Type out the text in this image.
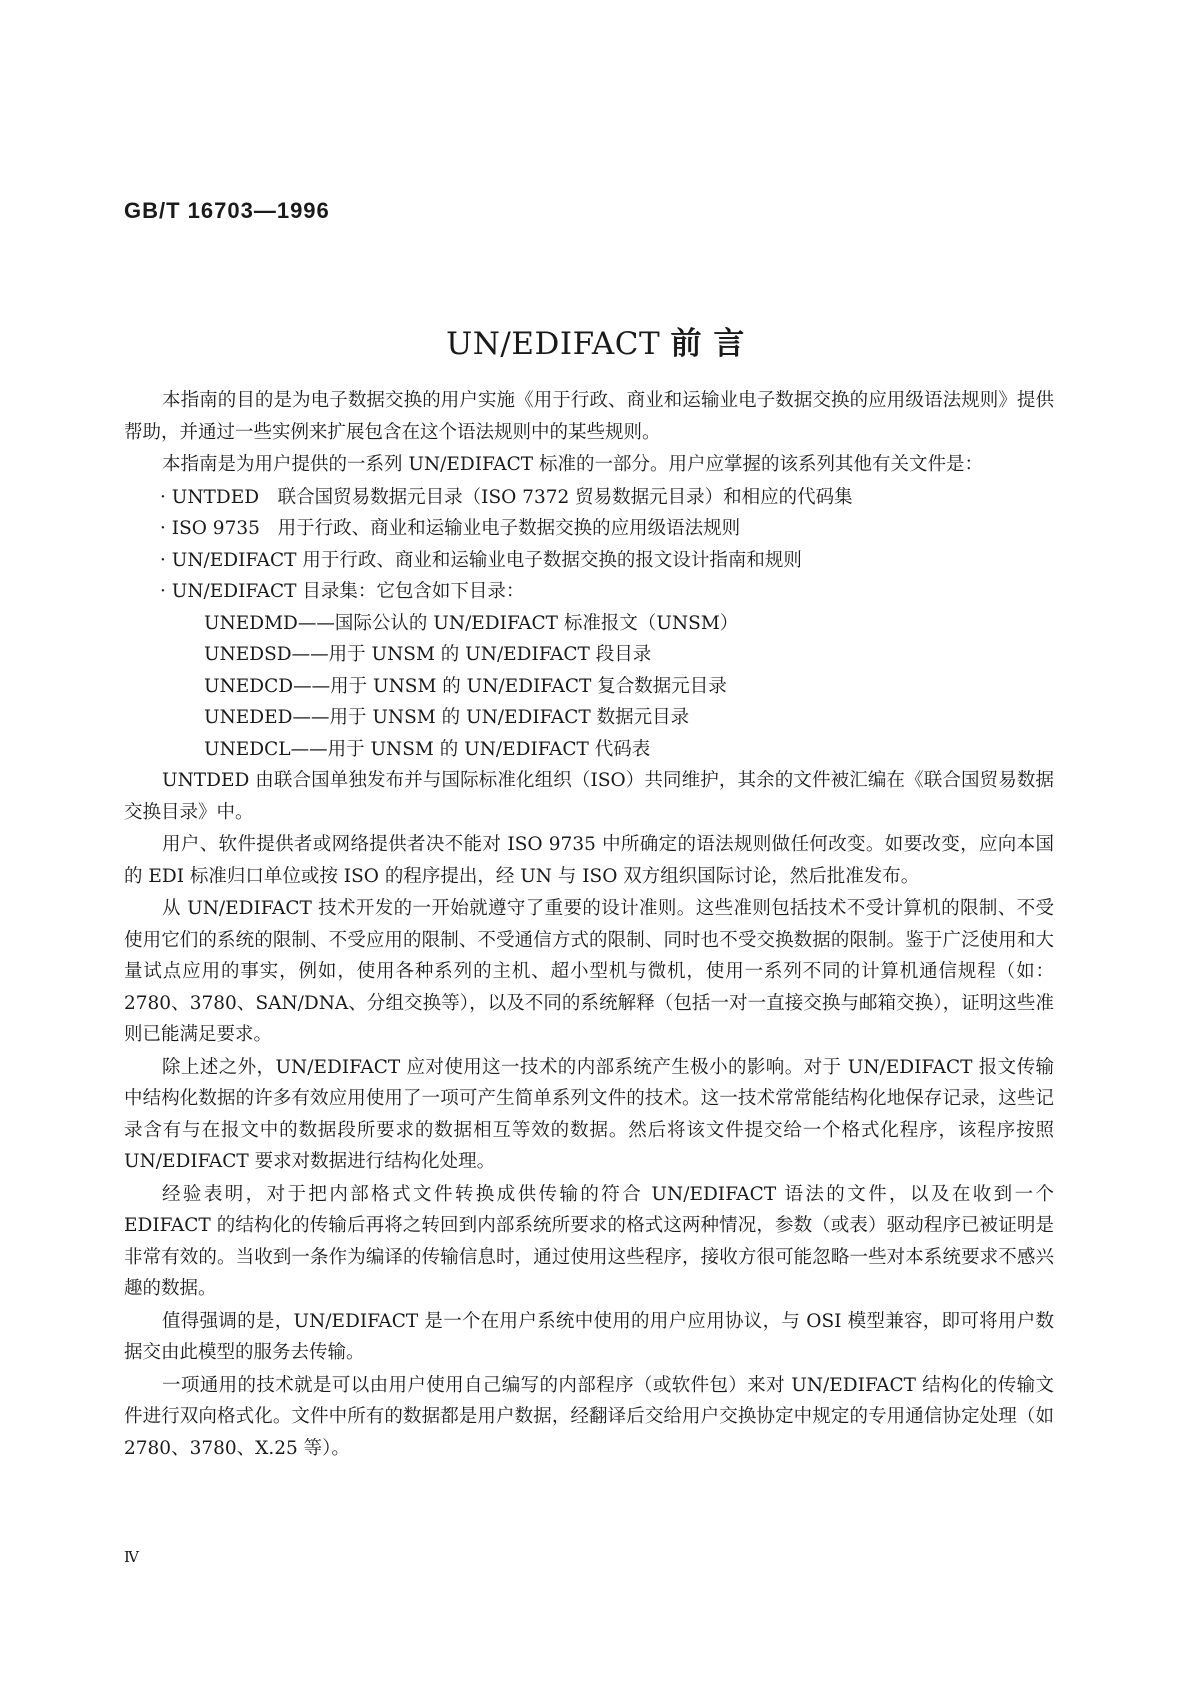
GB/T 16703—1996

UN/EDIFACT 前 言

本指南的目的是为电子数据交换的用户实施《用于行政、商业和运输业电子数据交换的应用级语法规则》提供帮助，并通过一些实例来扩展包含在这个语法规则中的某些规则。

本指南是为用户提供的一系列 UN/EDIFACT 标准的一部分。用户应掌握的该系列其他有关文件是：

· UNTDED 联合国贸易数据元目录（ISO 7372 贸易数据元目录）和相应的代码集

· ISO 9735 用于行政、商业和运输业电子数据交换的应用级语法规则

· UN/EDIFACT 用于行政、商业和运输业电子数据交换的报文设计指南和规则

· UN/EDIFACT 目录集：它包含如下目录：

UNEDMD——国际公认的 UN/EDIFACT 标准报文（UNSM）

UNEDSD——用于 UNSM 的 UN/EDIFACT 段目录

UNEDCD——用于 UNSM 的 UN/EDIFACT 复合数据元目录

UNEDED——用于 UNSM 的 UN/EDIFACT 数据元目录

UNEDCL——用于 UNSM 的 UN/EDIFACT 代码表

UNTDED 由联合国单独发布并与国际标准化组织（ISO）共同维护，其余的文件被汇编在《联合国贸易数据交换目录》中。

用户、软件提供者或网络提供者决不能对 ISO 9735 中所确定的语法规则做任何改变。如要改变，应向本国的 EDI 标准归口单位或按 ISO 的程序提出，经 UN 与 ISO 双方组织国际讨论，然后批准发布。

从 UN/EDIFACT 技术开发的一开始就遵守了重要的设计准则。这些准则包括技术不受计算机的限制、不受使用它们的系统的限制、不受应用的限制、不受通信方式的限制、同时也不受交换数据的限制。鉴于广泛使用和大量试点应用的事实，例如，使用各种系列的主机、超小型机与微机，使用一系列不同的计算机通信规程（如：2780、3780、SAN/DNA、分组交换等），以及不同的系统解释（包括一对一直接交换与邮箱交换），证明这些准则已能满足要求。

除上述之外，UN/EDIFACT 应对使用这一技术的内部系统产生极小的影响。对于 UN/EDIFACT 报文传输中结构化数据的许多有效应用使用了一项可产生简单系列文件的技术。这一技术常常能结构化地保存记录，这些记录含有与在报文中的数据段所要求的数据相互等效的数据。然后将该文件提交给一个格式化程序，该程序按照 UN/EDIFACT 要求对数据进行结构化处理。

经验表明，对于把内部格式文件转换成供传输的符合 UN/EDIFACT 语法的文件，以及在收到一个 EDIFACT 的结构化的传输后再将之转回到内部系统所要求的格式这两种情况，参数（或表）驱动程序已被证明是非常有效的。当收到一条作为编译的传输信息时，通过使用这些程序，接收方很可能忽略一些对本系统要求不感兴趣的数据。

值得强调的是，UN/EDIFACT 是一个在用户系统中使用的用户应用协议，与 OSI 模型兼容，即可将用户数据交由此模型的服务去传输。

一项通用的技术就是可以由用户使用自己编写的内部程序（或软件包）来对 UN/EDIFACT 结构化的传输文件进行双向格式化。文件中所有的数据都是用户数据，经翻译后交给用户交换协定中规定的专用通信协定处理（如 2780、3780、X.25 等）。

Ⅳ
